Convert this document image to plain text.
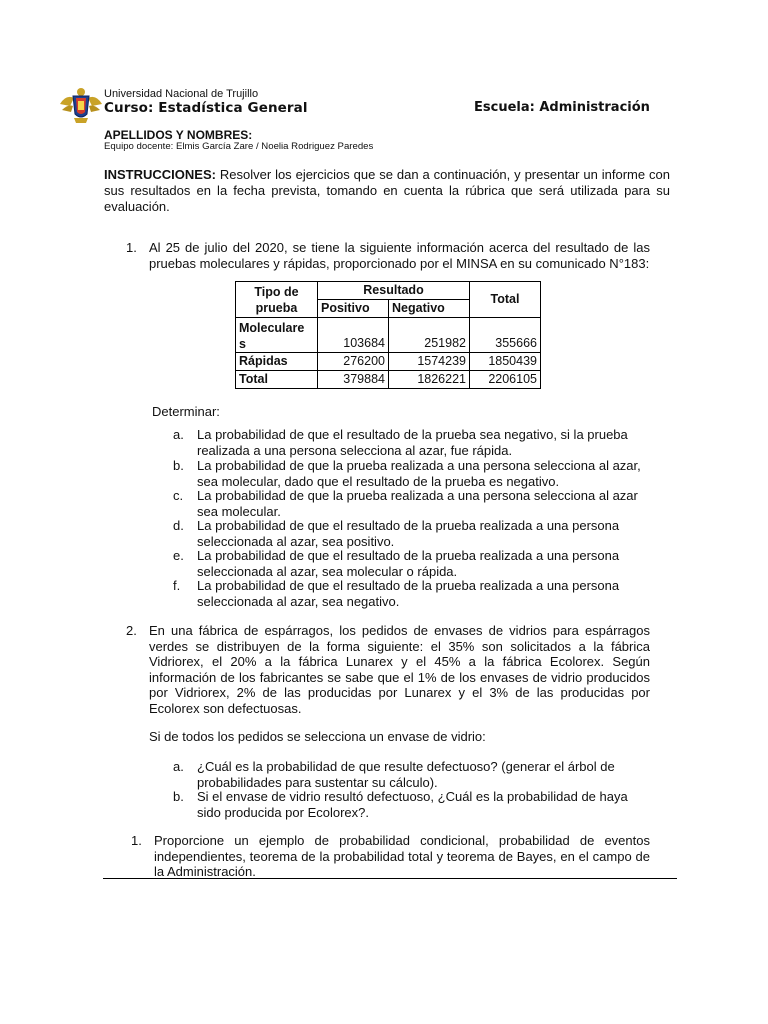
Universidad Nacional de Trujillo
Curso: Estadística General	Escuela: Administración
APELLIDOS Y NOMBRES:
Equipo docente: Elmis García Zare / Noelia Rodriguez Paredes
INSTRUCCIONES: Resolver los ejercicios que se dan a continuación, y presentar un informe con sus resultados en la fecha prevista, tomando en cuenta la rúbrica que será utilizada para su evaluación.
1. Al 25 de julio del 2020, se tiene la siguiente información acerca del resultado de las pruebas moleculares y rápidas, proporcionado por el MINSA en su comunicado N°183:
Tipo de
prueba	Resultado		Total
	Positivo	Negativo	
Moleculare
s	103684	251982	355666
Rápidas	276200	1574239	1850439
Total	379884	1826221	2206105
Determinar:
a. La probabilidad de que el resultado de la prueba sea negativo, si la prueba
realizada a una persona selecciona al azar, fue rápida.
b. La probabilidad de que la prueba realizada a una persona selecciona al azar,
sea molecular, dado que el resultado de la prueba es negativo.
c. La probabilidad de que la prueba realizada a una persona selecciona al azar
sea molecular.
d. La probabilidad de que el resultado de la prueba realizada a una persona
seleccionada al azar, sea positivo.
e. La probabilidad de que el resultado de la prueba realizada a una persona
seleccionada al azar, sea molecular o rápida.
f. La probabilidad de que el resultado de la prueba realizada a una persona
seleccionada al azar, sea negativo.
2. En una fábrica de espárragos, los pedidos de envases de vidrios para espárragos verdes se distribuyen de la forma siguiente: el 35% son solicitados a la fábrica Vidriorex, el 20% a la fábrica Lunarex y el 45% a la fábrica Ecolorex. Según información de los fabricantes se sabe que el 1% de los envases de vidrio producidos por Vidriorex, 2% de las producidas por Lunarex y el 3% de las producidas por Ecolorex son defectuosas.
Si de todos los pedidos se selecciona un envase de vidrio:
a. ¿Cuál es la probabilidad de que resulte defectuoso? (generar el árbol de
probabilidades para sustentar su cálculo).
b. Si el envase de vidrio resultó defectuoso, ¿Cuál es la probabilidad de haya
sido producida por Ecolorex?.
1. Proporcione un ejemplo de probabilidad condicional, probabilidad de eventos independientes, teorema de la probabilidad total y teorema de Bayes, en el campo de la Administración.
